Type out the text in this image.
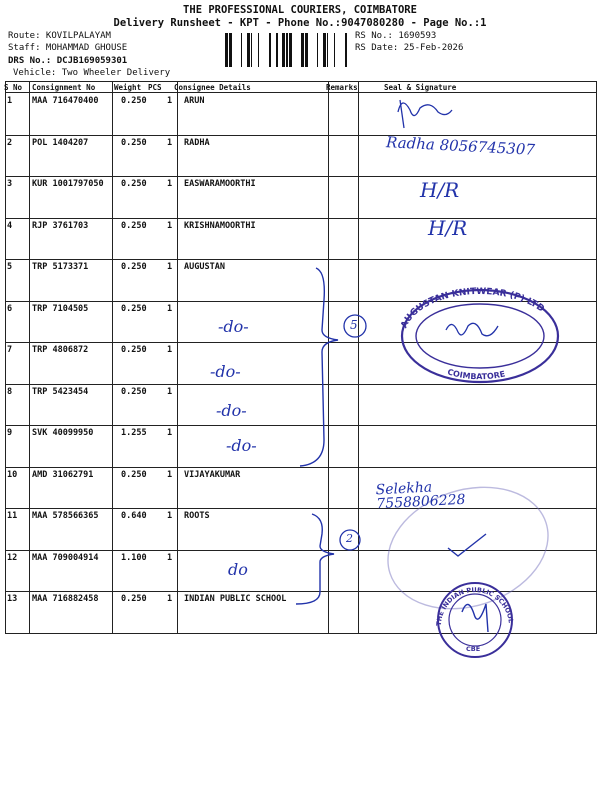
THE PROFESSIONAL COURIERS, COIMBATORE
Delivery Runsheet - KPT - Phone No.:9047080280 - Page No.:1
Route: KOVILPALAYAM
Staff: MOHAMMAD GHOUSE
DRS No.: DCJB169059301
Vehicle: Two Wheeler Delivery
RS No.: 1690593
RS Date: 25-Feb-2026
S No Consignment No	Weight PCS Consignee Details	Remarks	Seal & Signature
1 MAA 716470400	0.250 1 ARUN
2 POL 1404207	0.250 1 RADHA
3 KUR 1001797050 0.250 1 EASWARAMOORTHI
4 RJP 3761703	0.250 1 KRISHNAMOORTHI
5 TRP 5173371	0.250 1 AUGUSTAN
6 TRP 7104505	0.250 1
7 TRP 4806872	0.250 1
8 TRP 5423454	0.250 1
9 SVK 40099950	1.255 1
10 AMD 31062791	0.250 1 VIJAYAKUMAR
11 MAA 578566365	0.640 1 ROOTS
12 MAA 709004914	1.100 1
13 MAA 716882458	0.250 1 INDIAN PUBLIC SCHOOL
Radha 8056745307
H/R
H/R
-do-
-do-
-do-
-do-
5
2
Selekha 7558806228
do
AUGUSTAN KNITWEAR (P) LTD
COIMBATORE
THE INDIAN PUBLIC SCHOOL
CBE
